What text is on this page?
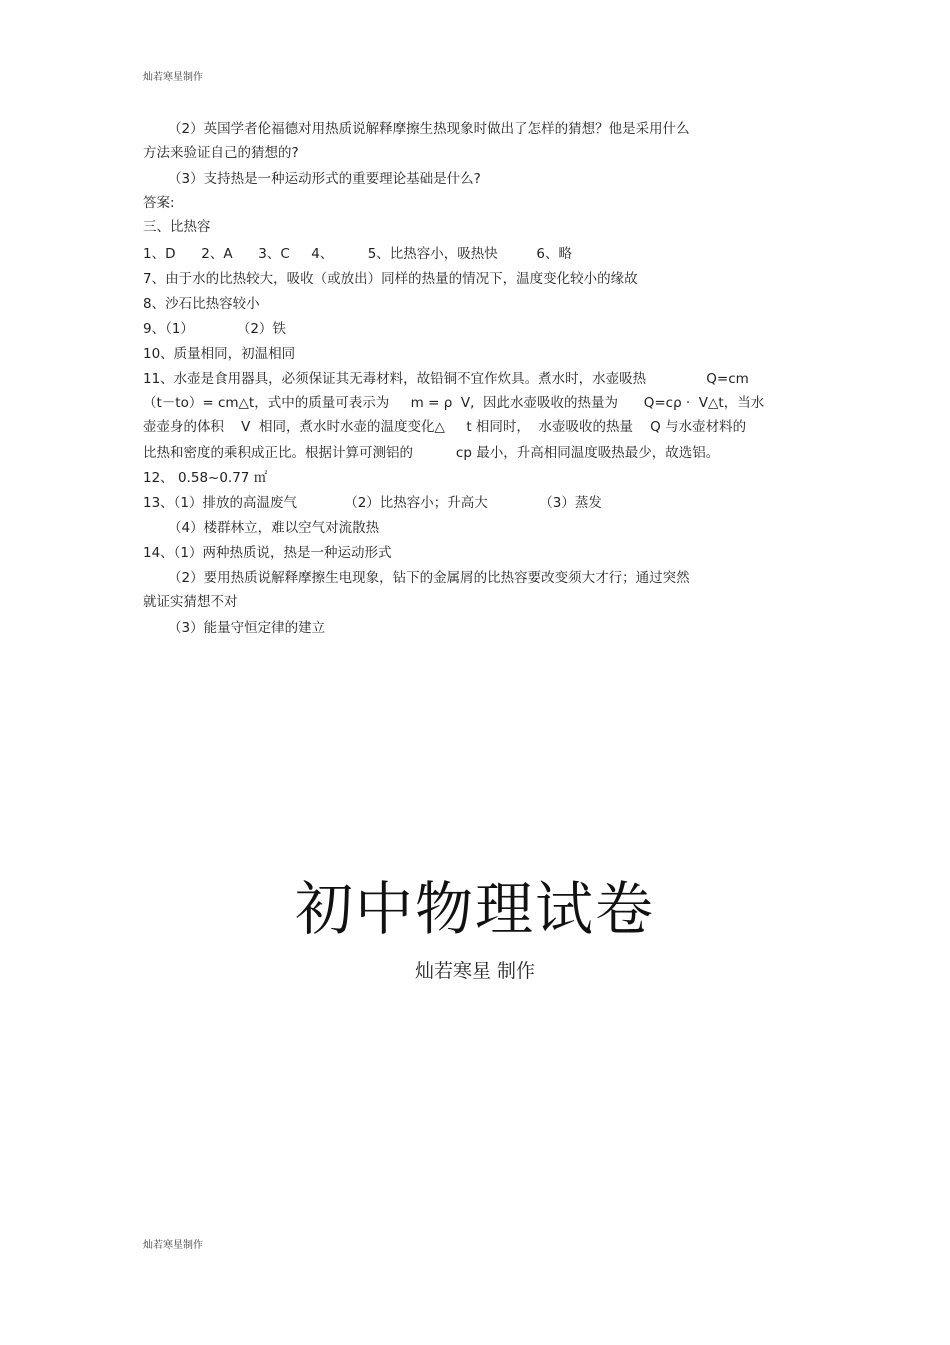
灿若寒星制作
（2）英国学者伦福德对用热质说解释摩擦生热现象时做出了怎样的猜想？他是采用什么
方法来验证自己的猜想的?
（3）支持热是一种运动形式的重要理论基础是什么?
答案:
三、比热容
1、D      2、A      3、C     4、        5、比热容小，吸热快         6、略
7、由于水的比热较大，吸收（或放出）同样的热量的情况下，温度变化较小的缘故
8、沙石比热容较小
9、（1）          （2）铁
10、质量相同，初温相同
11、水壶是食用器具，必须保证其无毒材料，故铅铜不宜作炊具。煮水时，水壶吸热              Q=cm
（t－to）= cm△t，式中的质量可表示为     m = ρ  V,  因此水壶吸收的热量为      Q=cρ ·  V△t，当水
壶壶身的体积    V  相同，煮水时水壶的温度变化△     t 相同时，  水壶吸收的热量    Q 与水壶材料的
比热和密度的乘积成正比。根据计算可测铝的          cp 最小，升高相同温度吸热最少，故选铝。
12、 0.58~0.77 ㎡
13、（1）排放的高温废气           （2）比热容小；升高大            （3）蒸发
（4）楼群林立，难以空气对流散热
14、（1）两种热质说，热是一种运动形式
（2）要用热质说解释摩擦生电现象，钻下的金属屑的比热容要改变须大才行；通过突然
就证实猜想不对
（3）能量守恒定律的建立
初中物理试卷
灿若寒星 制作
灿若寒星制作
